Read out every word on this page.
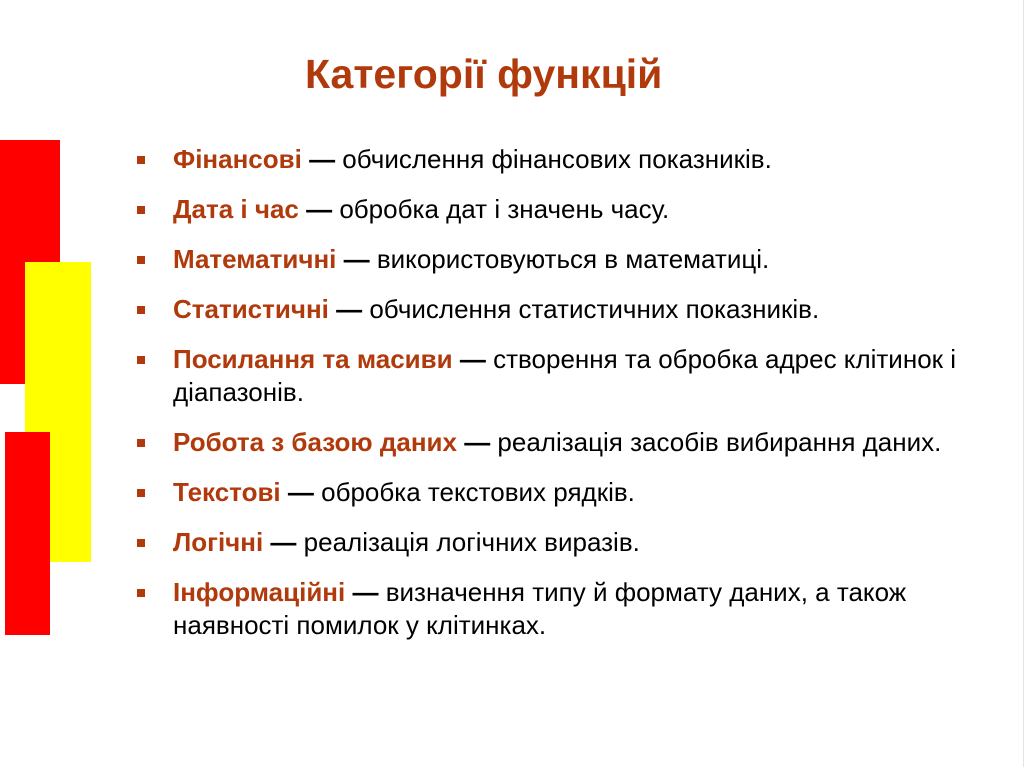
Категорії функцій
Фінансові — обчислення фінансових показників.
Дата і час — обробка дат і значень часу.
Математичні — використовуються в математиці.
Статистичні — обчислення статистичних показників.
Посилання та масиви — створення та обробка адрес клітинок і діапазонів.
Робота з базою даних — реалізація засобів вибирання даних.
Текстові — обробка текстових рядків.
Логічні — реалізація логічних виразів.
Інформаційні — визначення типу й формату даних, а також наявності помилок у клітинках.
